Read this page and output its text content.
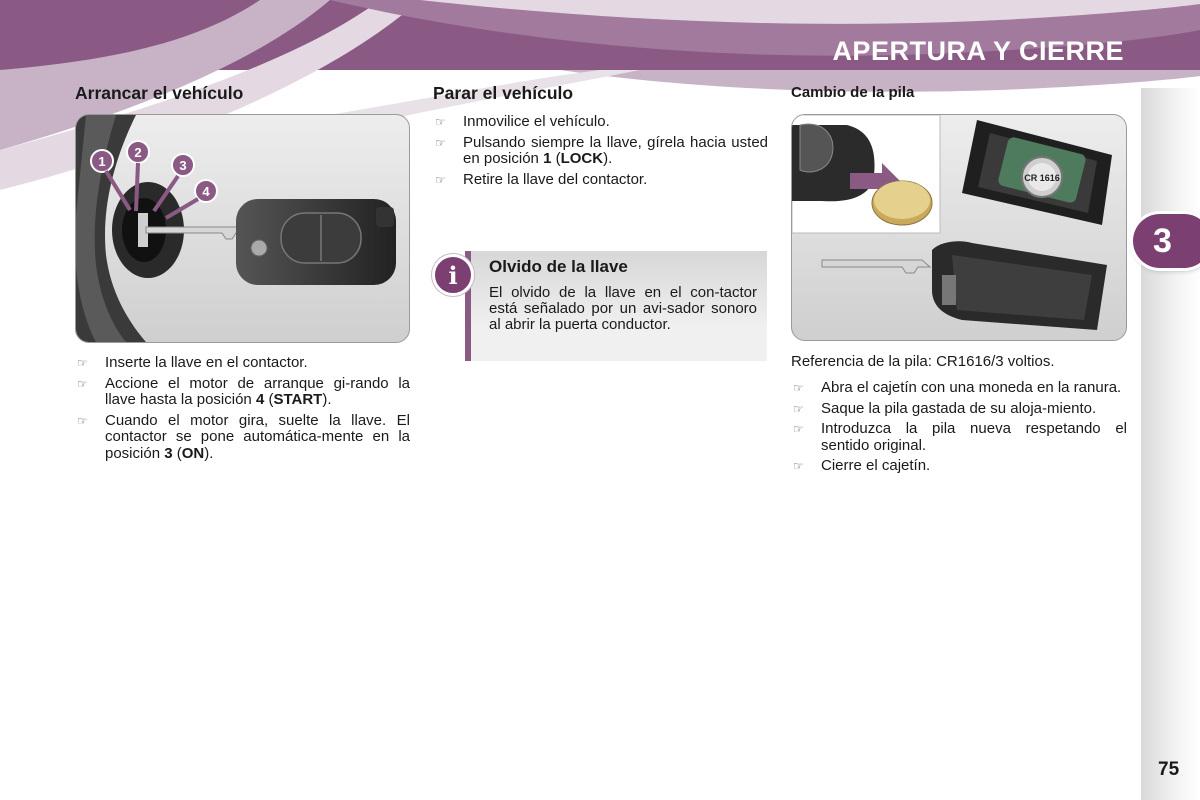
APERTURA Y CIERRE
3
75
Arrancar el vehículo
1
2
3
4
☞ Inserte la llave en el contactor.
☞ Accione el motor de arranque gi-rando la llave hasta la posición 4 (START).
☞ Cuando el motor gira, suelte la llave. El contactor se pone automática-mente en la posición 3 (ON).
Parar el vehículo
☞ Inmovilice el vehículo.
☞ Pulsando siempre la llave, gírela hacia usted en posición 1 (LOCK).
☞ Retire la llave del contactor.
Olvido de la llave
El olvido de la llave en el con-tactor está señalado por un avi-sador sonoro al abrir la puerta conductor.
i
Cambio de la pila
CR 1616
Referencia de la pila: CR1616/3 voltios.
☞ Abra el cajetín con una moneda en la ranura.
☞ Saque la pila gastada de su aloja-miento.
☞ Introduzca la pila nueva respetando el sentido original.
☞ Cierre el cajetín.
